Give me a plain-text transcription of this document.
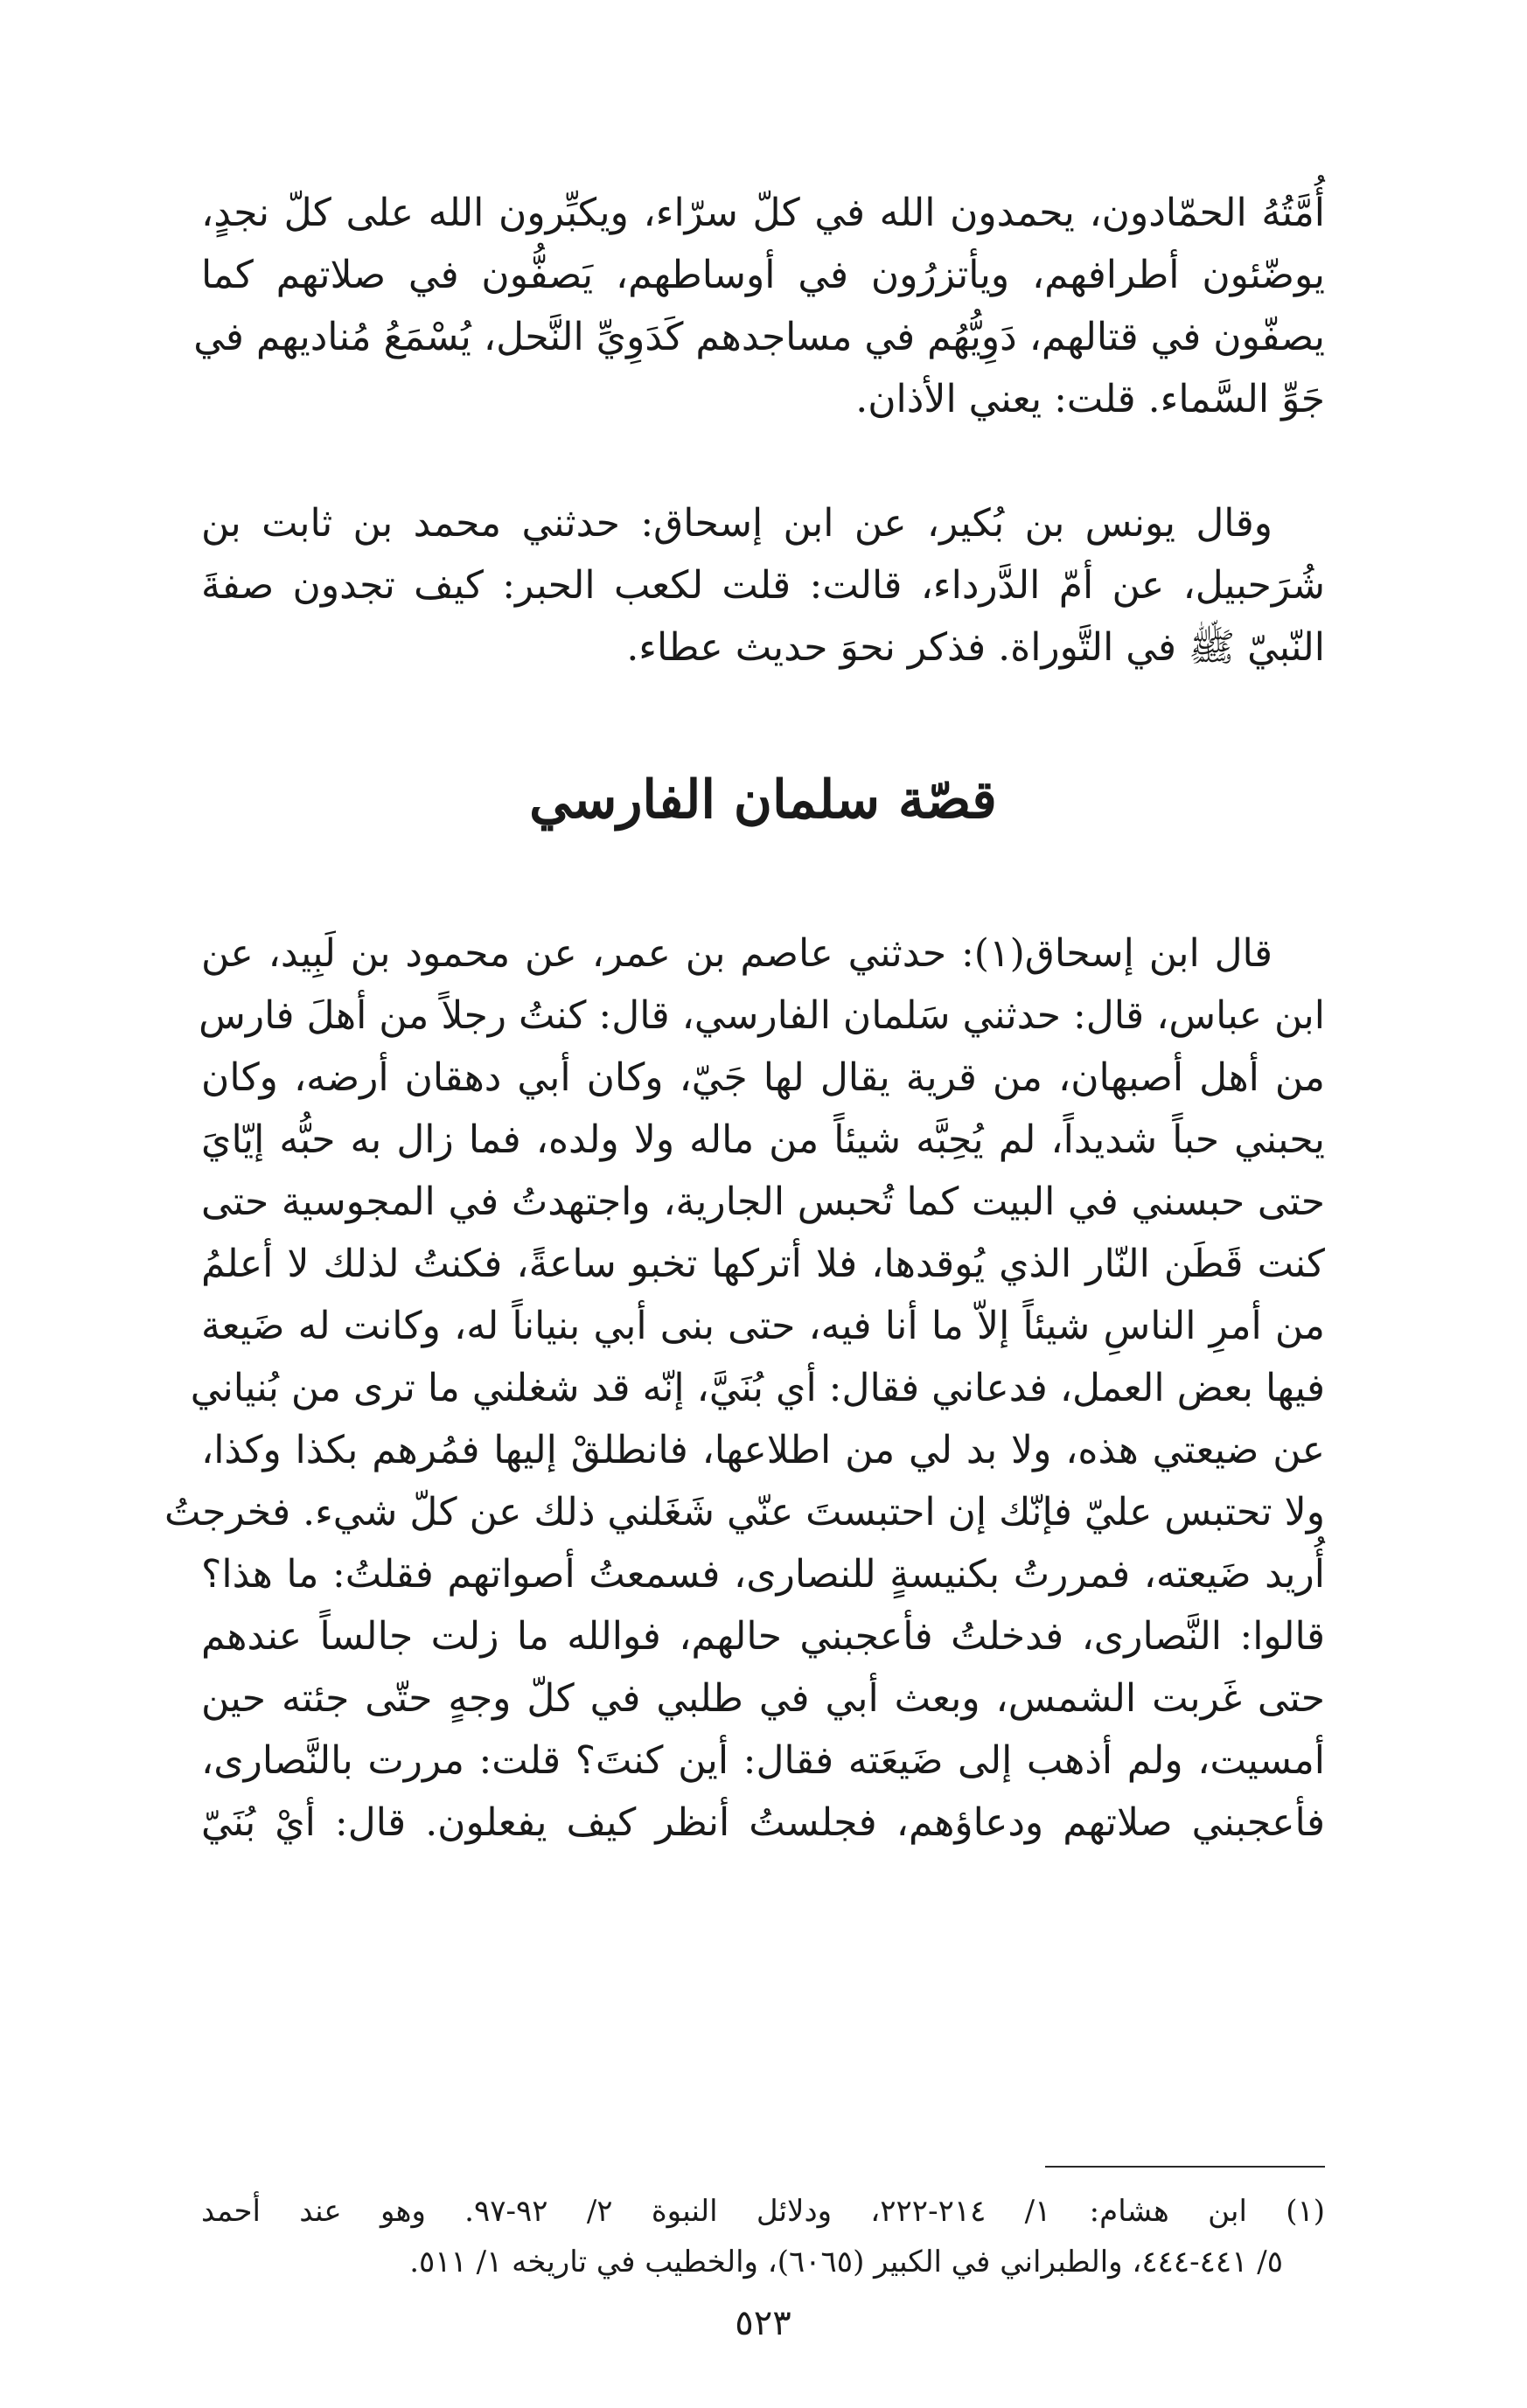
أُمَّتُهُ الحمّادون، يحمدون الله في كلّ سرّاء، ويكبِّرون الله على كلّ نجدٍ،
يوضّئون أطرافهم، ويأتزرُون في أوساطهم، يَصفُّون في صلاتهم كما
يصفّون في قتالهم، دَوِيُّهُم في مساجدهم كَدَوِيِّ النَّحل، يُسْمَعُ مُناديهم في
جَوِّ السَّماء. قلت: يعني الأذان.

وقال يونس بن بُكير، عن ابن إسحاق: حدثني محمد بن ثابت بن
شُرَحبيل، عن أمّ الدَّرداء، قالت: قلت لكعب الحبر: كيف تجدون صفةَ
النّبيّ ﷺ في التَّوراة. فذكر نحوَ حديث عطاء.

قصّة سلمان الفارسي

قال ابن إسحاق(١): حدثني عاصم بن عمر، عن محمود بن لَبِيد، عن
ابن عباس، قال: حدثني سَلمان الفارسي، قال: كنتُ رجلاً من أهلَ فارس
من أهل أصبهان، من قرية يقال لها جَيّ، وكان أبي دهقان أرضه، وكان
يحبني حباً شديداً، لم يُحِبَّه شيئاً من ماله ولا ولده، فما زال به حبُّه إيّايَ
حتى حبسني في البيت كما تُحبس الجارية، واجتهدتُ في المجوسية حتى
كنت قَطَن النّار الذي يُوقدها، فلا أتركها تخبو ساعةً، فكنتُ لذلك لا أعلمُ
من أمرِ الناسِ شيئاً إلاّ ما أنا فيه، حتى بنى أبي بنياناً له، وكانت له ضَيعة
فيها بعض العمل، فدعاني فقال: أي بُنَيَّ، إنّه قد شغلني ما ترى من بُنياني
عن ضيعتي هذه، ولا بد لي من اطلاعها، فانطلقْ إليها فمُرهم بكذا وكذا،
ولا تحتبس عليّ فإنّك إن احتبستَ عنّي شَغَلني ذلك عن كلّ شيء. فخرجتُ
أُريد ضَيعته، فمررتُ بكنيسةٍ للنصارى، فسمعتُ أصواتهم فقلتُ: ما هذا؟
قالوا: النَّصارى، فدخلتُ فأعجبني حالهم، فوالله ما زلت جالساً عندهم
حتى غَربت الشمس، وبعث أبي في طلبي في كلّ وجهٍ حتّى جئته حين
أمسيت، ولم أذهب إلى ضَيعَته فقال: أين كنتَ؟ قلت: مررت بالنَّصارى،
فأعجبني صلاتهم ودعاؤهم، فجلستُ أنظر كيف يفعلون. قال: أيْ بُنَيّ

(١) ابن هشام: ١/ ٢١٤-٢٢٢، ودلائل النبوة ٢/ ٩٢-٩٧. وهو عند أحمد
٥/ ٤٤١-٤٤٤، والطبراني في الكبير (٦٠٦٥)، والخطيب في تاريخه ١/ ٥١١.
٥٢٣
